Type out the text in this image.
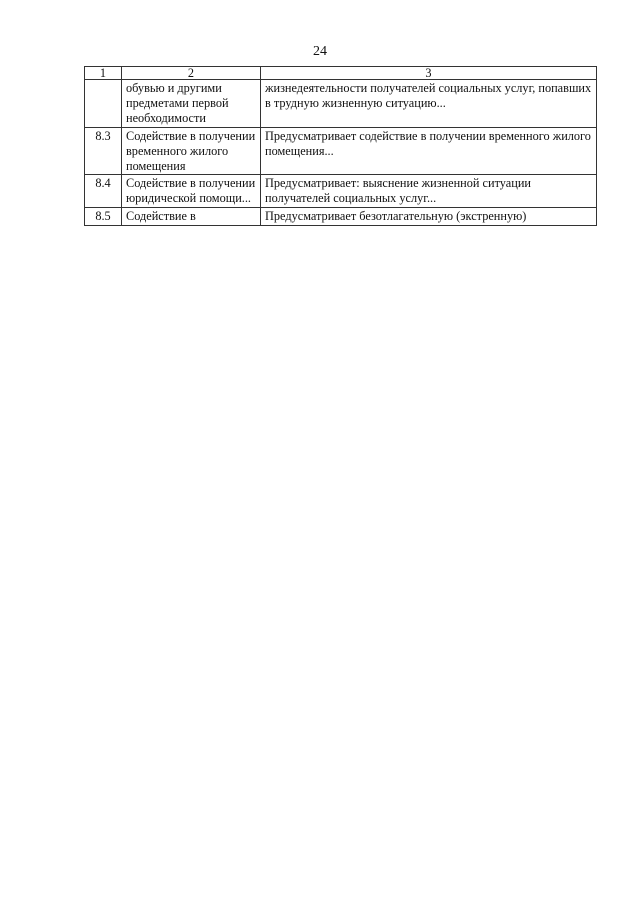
24
1	2	3
	обувью и другими предметами первой необходимости	жизнедеятельности получателей социальных услуг, попавших в трудную жизненную ситуацию...
8.3	Содействие в получении временного жилого помещения	Предусматривает содействие в получении временного жилого помещения...
8.4	Содействие в получении юридической помощи...	Предусматривает: выяснение жизненной ситуации получателей социальных услуг...
8.5	Содействие в	Предусматривает безотлагательную (экстренную)
